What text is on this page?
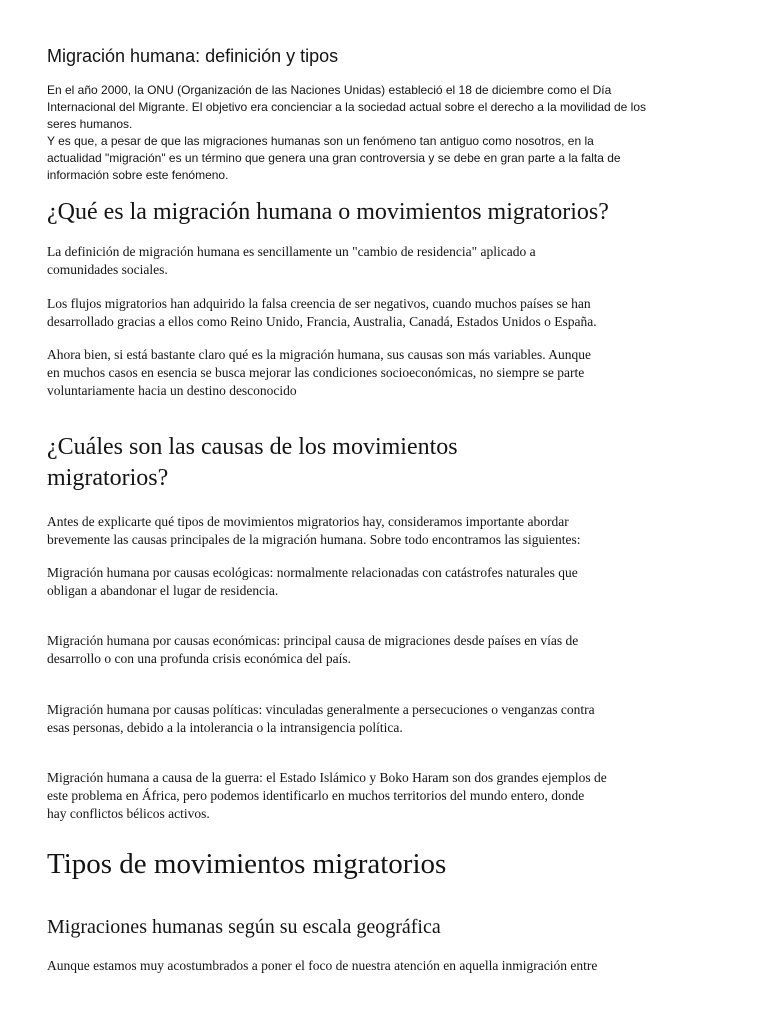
Migración humana: definición y tipos

En el año 2000, la ONU (Organización de las Naciones Unidas) estableció el 18 de diciembre como el Día
Internacional del Migrante. El objetivo era concienciar a la sociedad actual sobre el derecho a la movilidad de los
seres humanos.
Y es que, a pesar de que las migraciones humanas son un fenómeno tan antiguo como nosotros, en la
actualidad "migración" es un término que genera una gran controversia y se debe en gran parte a la falta de
información sobre este fenómeno.

¿Qué es la migración humana o movimientos migratorios?

La definición de migración humana es sencillamente un "cambio de residencia" aplicado a
comunidades sociales.

Los flujos migratorios han adquirido la falsa creencia de ser negativos, cuando muchos países se han
desarrollado gracias a ellos como Reino Unido, Francia, Australia, Canadá, Estados Unidos o España.

Ahora bien, si está bastante claro qué es la migración humana, sus causas son más variables. Aunque
en muchos casos en esencia se busca mejorar las condiciones socioeconómicas, no siempre se parte
voluntariamente hacia un destino desconocido

¿Cuáles son las causas de los movimientos
migratorios?

Antes de explicarte qué tipos de movimientos migratorios hay, consideramos importante abordar
brevemente las causas principales de la migración humana. Sobre todo encontramos las siguientes:

Migración humana por causas ecológicas: normalmente relacionadas con catástrofes naturales que
obligan a abandonar el lugar de residencia.

Migración humana por causas económicas: principal causa de migraciones desde países en vías de
desarrollo o con una profunda crisis económica del país.

Migración humana por causas políticas: vinculadas generalmente a persecuciones o venganzas contra
esas personas, debido a la intolerancia o la intransigencia política.

Migración humana a causa de la guerra: el Estado Islámico y Boko Haram son dos grandes ejemplos de
este problema en África, pero podemos identificarlo en muchos territorios del mundo entero, donde
hay conflictos bélicos activos.

Tipos de movimientos migratorios
Migraciones humanas según su escala geográfica

Aunque estamos muy acostumbrados a poner el foco de nuestra atención en aquella inmigración entre
